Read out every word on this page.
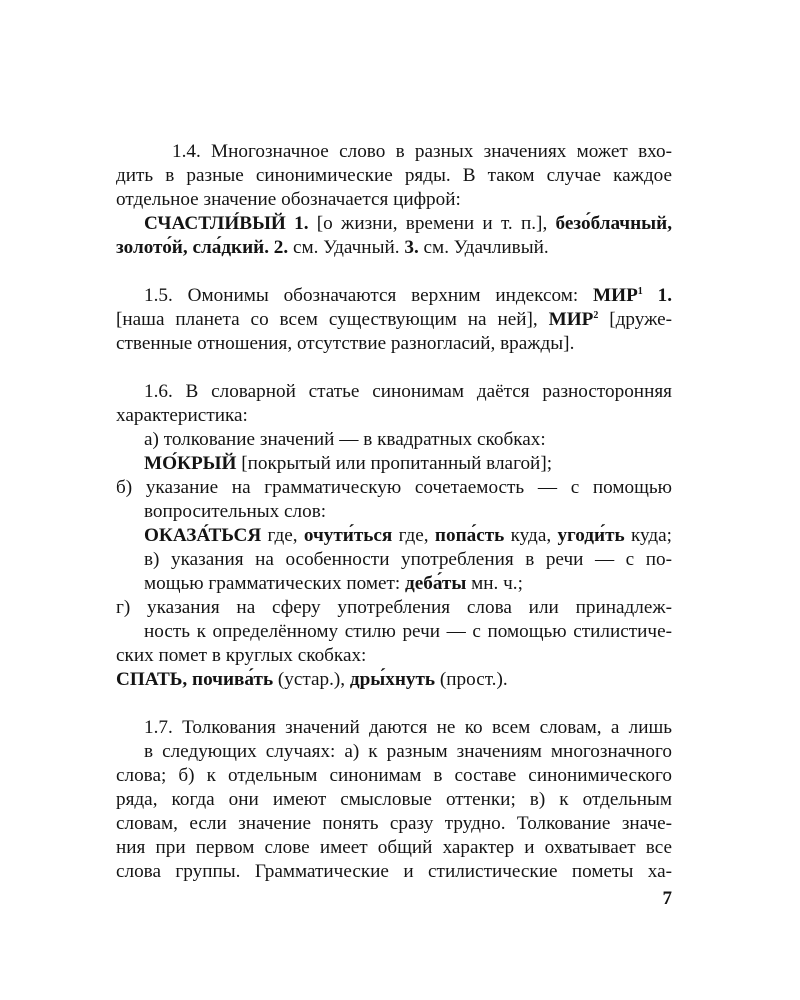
1.4. Многозначное слово в разных значениях может вхо-
дить в разные синонимические ряды. В таком случае каждое
отдельное значение обозначается цифрой:
СЧАСТЛИ́ВЫЙ 1. [о жизни, времени и т. п.], безо́блачный,
золото́й, сла́дкий. 2. см. Удачный. 3. см. Удачливый.
1.5. Омонимы обозначаются верхним индексом: МИР$^1$ 1.
[наша планета со всем существующим на ней], МИР$^2$ [друже-
ственные отношения, отсутствие разногласий, вражды].
1.6. В словарной статье синонимам даётся разносторонняя
характеристика:
а) толкование значений — в квадратных скобках:
МО́КРЫЙ [покрытый или пропитанный влагой];
б) указание на грамматическую сочетаемость — с помощью
вопросительных слов:
ОКАЗА́ТЬСЯ где, очути́ться где, попа́сть куда, угоди́ть куда;
в) указания на особенности употребления в речи — с по-
мощью грамматических помет: деба́ты мн. ч.;
г) указания на сферу употребления слова или принадлеж-
ность к определённому стилю речи — с помощью стилистиче-
ских помет в круглых скобках:
СПАТЬ, почива́ть (устар.), дры́хнуть (прост.).
1.7. Толкования значений даются не ко всем словам, а лишь
в следующих случаях: а) к разным значениям многозначного
слова; б) к отдельным синонимам в составе синонимического
ряда, когда они имеют смысловые оттенки; в) к отдельным
словам, если значение понять сразу трудно. Толкование значе-
ния при первом слове имеет общий характер и охватывает все
слова группы. Грамматические и стилистические пометы ха-
7
